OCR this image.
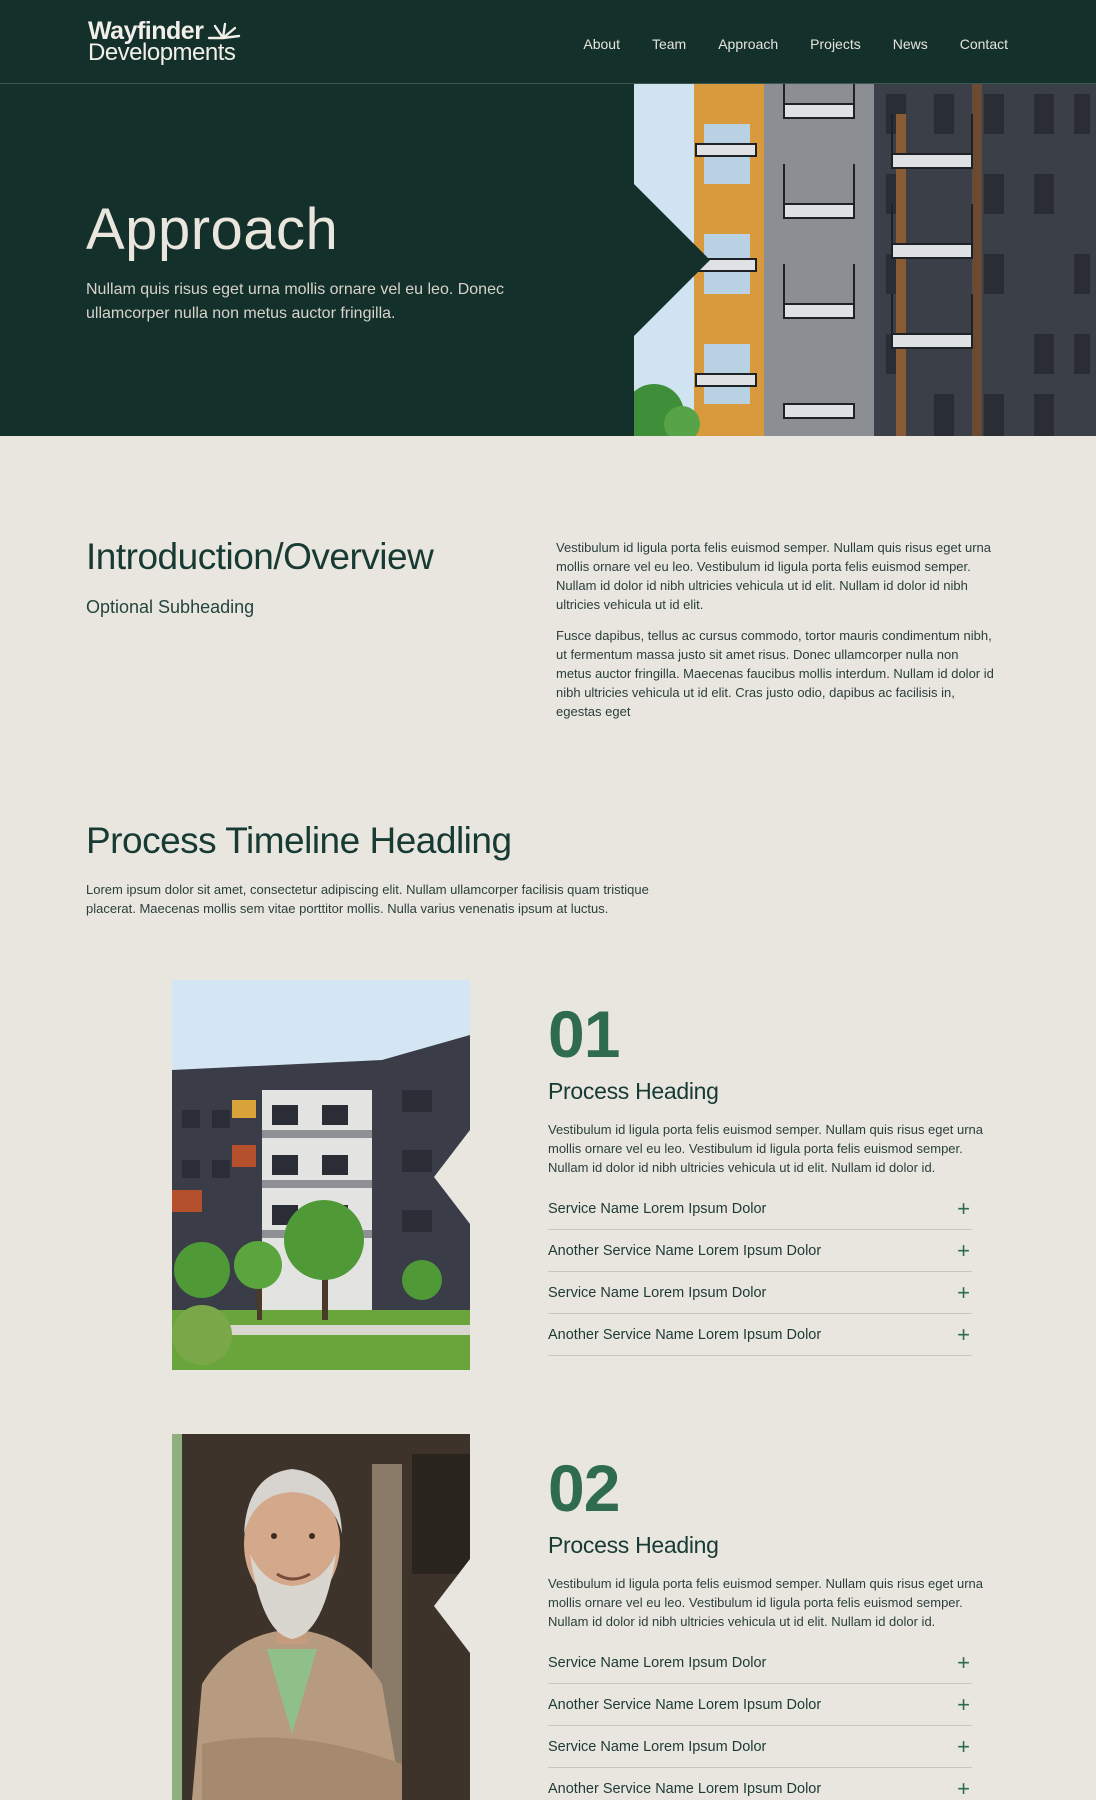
Wayfinder
Developments	About Team Approach Projects News Contact
Approach

Nullam quis risus eget urna mollis ornare vel eu leo. Donec ullamcorper nulla non metus auctor fringilla.

Introduction/Overview
Optional Subheading

Vestibulum id ligula porta felis euismod semper. Nullam quis risus eget urna mollis ornare vel eu leo. Vestibulum id ligula porta felis euismod semper. Nullam id dolor id nibh ultricies vehicula ut id elit. Nullam id dolor id nibh ultricies vehicula ut id elit.

Fusce dapibus, tellus ac cursus commodo, tortor mauris condimentum nibh, ut fermentum massa justo sit amet risus. Donec ullamcorper nulla non metus auctor fringilla. Maecenas faucibus mollis interdum. Nullam id dolor id nibh ultricies vehicula ut id elit. Cras justo odio, dapibus ac facilisis in, egestas eget

Process Timeline Headling

Lorem ipsum dolor sit amet, consectetur adipiscing elit. Nullam ullamcorper facilisis quam tristique placerat. Maecenas mollis sem vitae porttitor mollis. Nulla varius venenatis ipsum at luctus.

01
Process Heading

Vestibulum id ligula porta felis euismod semper. Nullam quis risus eget urna mollis ornare vel eu leo. Vestibulum id ligula porta felis euismod semper. Nullam id dolor id nibh ultricies vehicula ut id elit. Nullam id dolor id.

Service Name Lorem Ipsum Dolor	+
Another Service Name Lorem Ipsum Dolor	+
Service Name Lorem Ipsum Dolor	+
Another Service Name Lorem Ipsum Dolor	+
02
Process Heading

Vestibulum id ligula porta felis euismod semper. Nullam quis risus eget urna mollis ornare vel eu leo. Vestibulum id ligula porta felis euismod semper. Nullam id dolor id nibh ultricies vehicula ut id elit. Nullam id dolor id.

Service Name Lorem Ipsum Dolor	+
Another Service Name Lorem Ipsum Dolor	+
Service Name Lorem Ipsum Dolor	+
Another Service Name Lorem Ipsum Dolor	+
